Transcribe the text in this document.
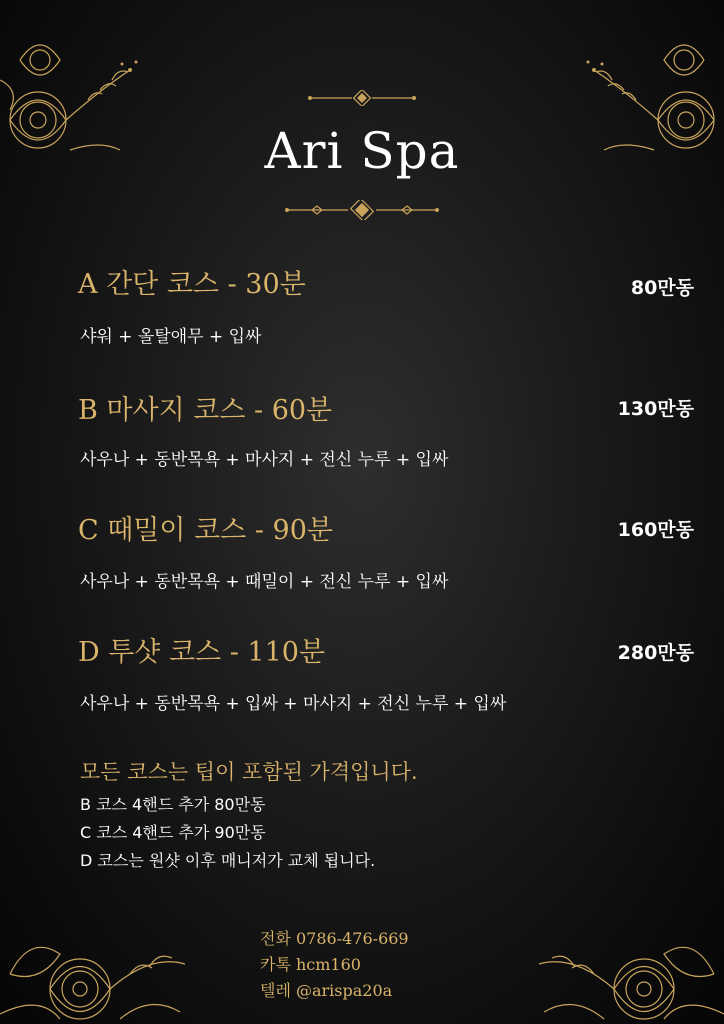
Ari Spa
A 간단 코스 - 30분	80만동
샤워 + 올탈애무 + 입싸
B 마사지 코스 - 60분	130만동
사우나 + 동반목욕 + 마사지 + 전신 누루 + 입싸
C 때밀이 코스 - 90분	160만동
사우나 + 동반목욕 + 때밀이 + 전신 누루 + 입싸
D 투샷 코스 - 110분	280만동
사우나 + 동반목욕 + 입싸 + 마사지 + 전신 누루 + 입싸
모든 코스는 팁이 포함된 가격입니다.
B 코스 4핸드 추가 80만동
C 코스 4핸드 추가 90만동
D 코스는 원샷 이후 매니저가 교체 됩니다.
전화 0786-476-669
카톡 hcm160
텔레 @arispa20a
